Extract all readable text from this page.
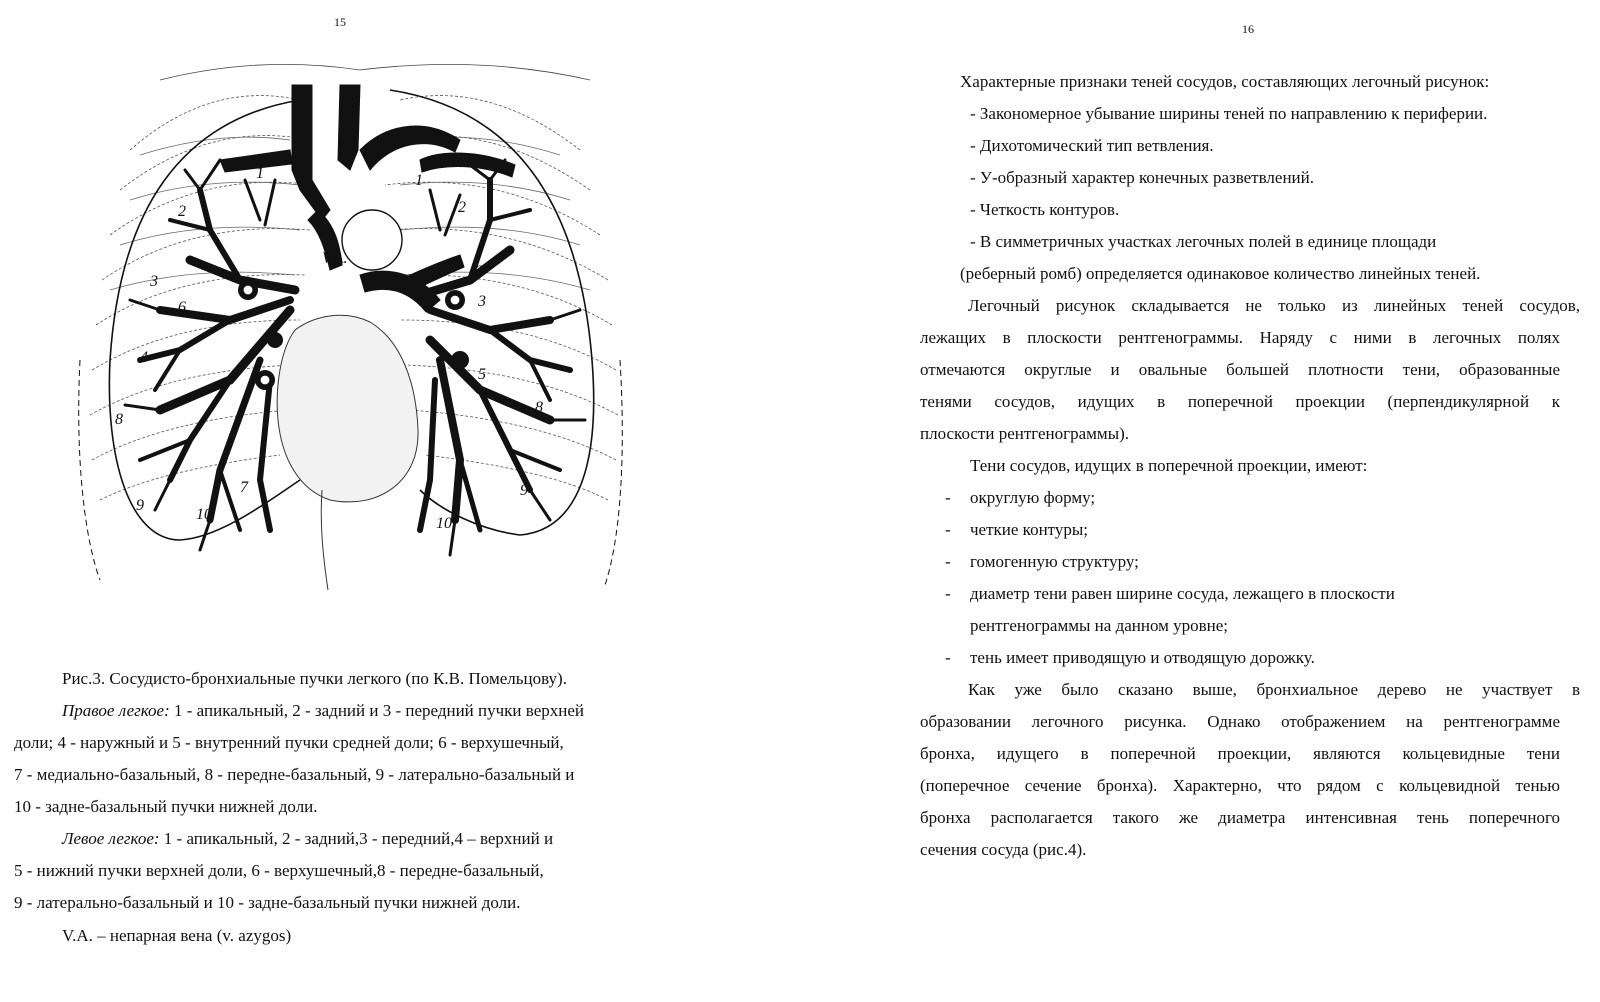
15
1
2
3
6
4
8
7
9
10
V.A.
1
2
6
3
5
8
9
10
Рис.3. Сосудисто-бронхиальные пучки легкого (по К.В. Помельцову).
Правое легкое: 1 - апикальный, 2 - задний и 3 - передний пучки верхней
доли; 4 - наружный и 5 - внутренний пучки средней доли; 6 - верхушечный,
7 - медиально-базальный, 8 - передне-базальный, 9 - латерально-базальный и
10 - задне-базальный пучки нижней доли.
Левое легкое: 1 - апикальный, 2 - задний,3 - передний,4 – верхний и
5 - нижний пучки верхней доли, 6 - верхушечный,8 - передне-базальный,
9 - латерально-базальный и 10 - задне-базальный пучки нижней доли.
V.A. – непарная вена (v. azygos)
16
Характерные признаки теней сосудов, составляющих легочный рисунок:
- Закономерное убывание ширины теней по направлению к периферии.
- Дихотомический тип ветвления.
- У-образный характер конечных разветвлений.
- Четкость контуров.
- В симметричных участках легочных полей в единице площади
(реберный ромб) определяется одинаковое количество линейных теней.
Легочный рисунок складывается не только из линейных теней сосудов,
лежащих в плоскости рентгенограммы. Наряду с ними в легочных полях
отмечаются округлые и овальные большей плотности тени, образованные
тенями сосудов, идущих в поперечной проекции (перпендикулярной к
плоскости рентгенограммы).
Тени сосудов, идущих в поперечной проекции, имеют:
- округлую форму;
- четкие контуры;
- гомогенную структуру;
- диаметр тени равен ширине сосуда, лежащего в плоскости
рентгенограммы на данном уровне;
- тень имеет приводящую и отводящую дорожку.
Как уже было сказано выше, бронхиальное дерево не участвует в
образовании легочного рисунка. Однако отображением на рентгенограмме
бронха, идущего в поперечной проекции, являются кольцевидные тени
(поперечное сечение бронха). Характерно, что рядом с кольцевидной тенью
бронха располагается такого же диаметра интенсивная тень поперечного
сечения сосуда (рис.4).
